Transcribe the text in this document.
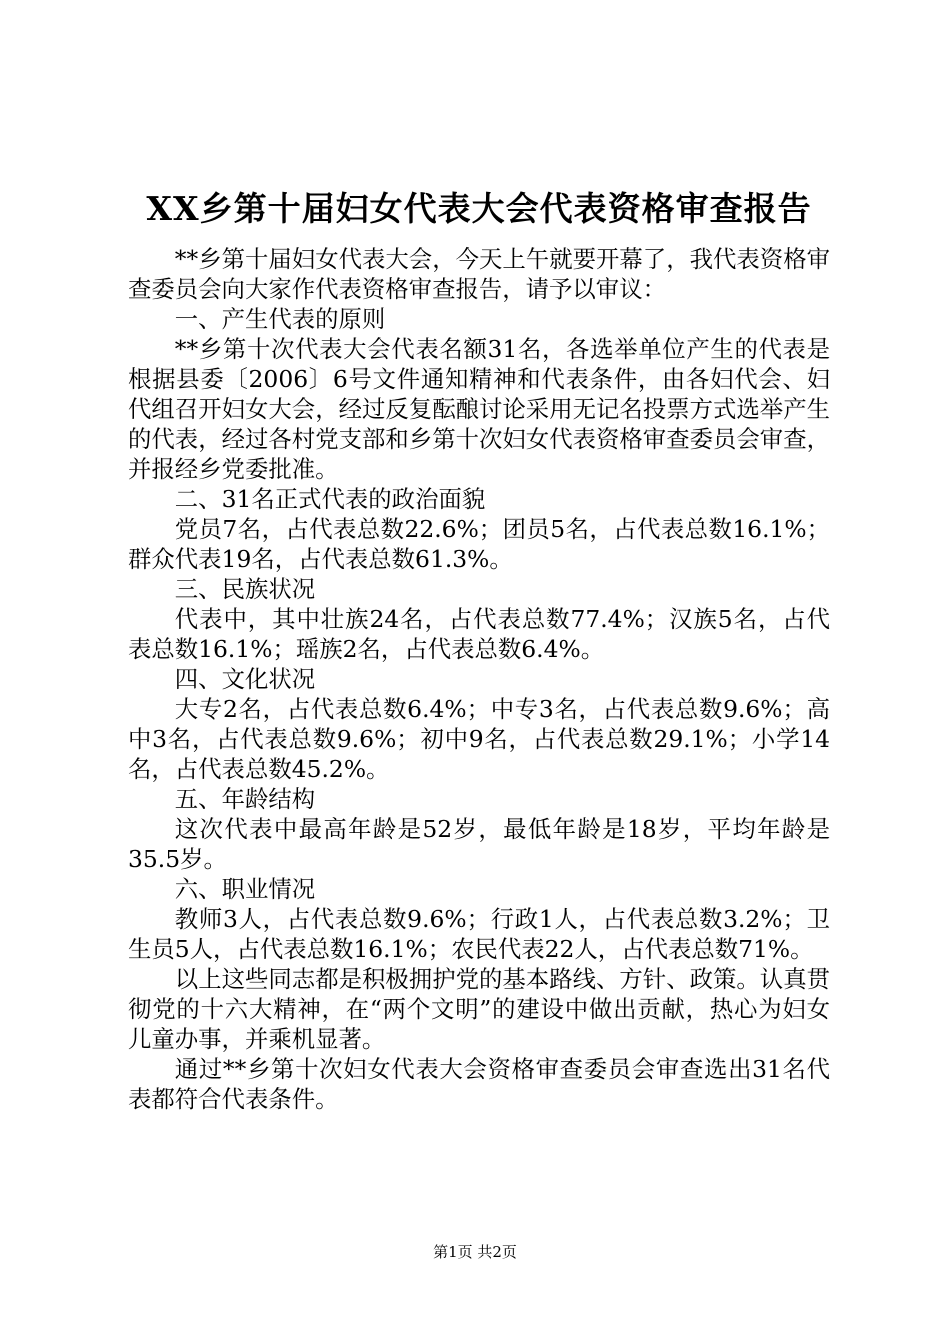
XX乡第十届妇女代表大会代表资格审查报告

**乡第十届妇女代表大会，今天上午就要开幕了，我代表资格审查委员会向大家作代表资格审查报告，请予以审议：

一、产生代表的原则

**乡第十次代表大会代表名额31名，各选举单位产生的代表是根据县委〔2006〕6号文件通知精神和代表条件，由各妇代会、妇代组召开妇女大会，经过反复酝酿讨论采用无记名投票方式选举产生的代表，经过各村党支部和乡第十次妇女代表资格审查委员会审查，并报经乡党委批准。

二、31名正式代表的政治面貌

党员7名，占代表总数22.6%；团员5名，占代表总数16.1%；群众代表19名，占代表总数61.3%。

三、民族状况

代表中，其中壮族24名，占代表总数77.4%；汉族5名，占代表总数16.1%；瑶族2名，占代表总数6.4%。

四、文化状况

大专2名，占代表总数6.4%；中专3名，占代表总数9.6%；高中3名，占代表总数9.6%；初中9名，占代表总数29.1%；小学14名，占代表总数45.2%。

五、年龄结构

这次代表中最高年龄是52岁，最低年龄是18岁，平均年龄是35.5岁。

六、职业情况

教师3人，占代表总数9.6%；行政1人，占代表总数3.2%；卫生员5人，占代表总数16.1%；农民代表22人，占代表总数71%。

以上这些同志都是积极拥护党的基本路线、方针、政策。认真贯彻党的十六大精神，在“两个文明”的建设中做出贡献，热心为妇女儿童办事，并乘机显著。

通过**乡第十次妇女代表大会资格审查委员会审查选出31名代表都符合代表条件。

第1页 共2页
